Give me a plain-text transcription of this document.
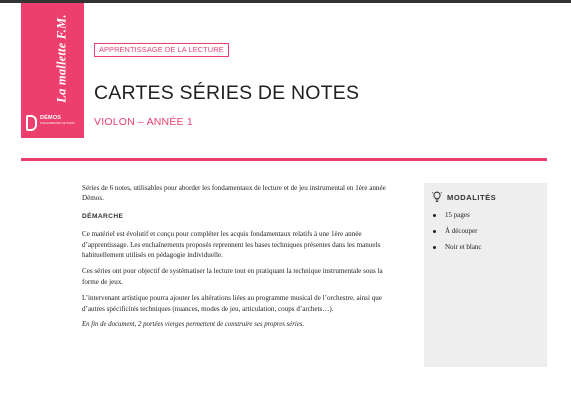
La mallette F.M.
DÉMOS
PHILHARMONIE DE PARIS
APPRENTISSAGE DE LA LECTURE
CARTES SÉRIES DE NOTES
VIOLON – ANNÉE 1

Séries de 6 notes, utilisables pour aborder les fondamentaux de lecture et de jeu instrumental en 1ère année Démos.

DÉMARCHE

Ce matériel est évolutif et conçu pour compléter les acquis fondamentaux relatifs à une 1ère année d’apprentissage. Les enchaînements proposés reprennent les bases techniques présentes dans les manuels habituellement utilisés en pédagogie individuelle.

Ces séries ont pour objectif de systématiser la lecture tout en pratiquant la technique instrumentale sous la forme de jeux.

L’intervenant artistique pourra ajouter les altérations liées au programme musical de l’orchestre, ainsi que d’autres spécificités techniques (nuances, modes de jeu, articulation, coups d’archets…).

En fin de document, 2 portées vierges permettent de construire ses propres séries.

MODALITÉS
15 pages
À découper
Noir et blanc
